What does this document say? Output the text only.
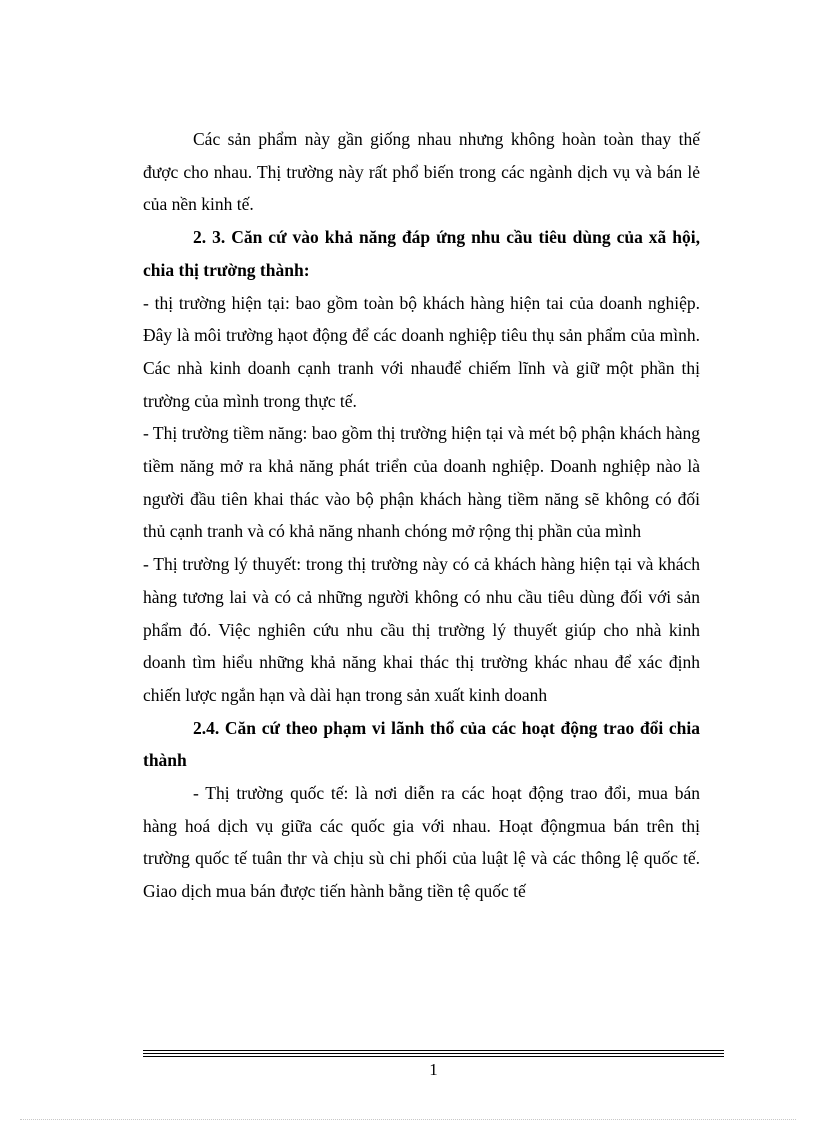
Các sản phẩm này gần giống nhau nhưng không hoàn toàn thay thế được cho nhau. Thị trường này rất phổ biến trong các ngành dịch vụ và bán lẻ của nền kinh tế.

2. 3. Căn cứ vào khả năng đáp ứng nhu cầu tiêu dùng của xã hội, chia thị trường thành:

- thị trường hiện tại: bao gồm toàn bộ khách hàng hiện tai của doanh nghiệp. Đây là môi trường hạot động để các doanh nghiệp tiêu thụ sản phẩm của mình. Các nhà kinh doanh cạnh tranh với nhauđể chiếm lĩnh và giữ một phần thị trường của mình trong thực tế.

- Thị trường tiềm năng: bao gồm thị trường hiện tại và mét bộ phận khách hàng tiềm năng mở ra khả năng phát triển của doanh nghiệp. Doanh nghiệp nào là người đầu tiên khai thác vào bộ phận khách hàng tiềm năng sẽ không có đối thủ cạnh tranh và có khả năng nhanh chóng mở rộng thị phần của mình

- Thị trường lý thuyết: trong thị trường này có cả khách hàng hiện tại và khách hàng tương lai và có cả những người không có nhu cầu tiêu dùng đối với sản phẩm đó. Việc nghiên cứu nhu cầu thị trường lý thuyết giúp cho nhà kinh doanh tìm hiểu những khả năng khai thác thị trường khác nhau để xác định chiến lược ngắn hạn và dài hạn trong sản xuất kinh doanh

2.4. Căn cứ theo phạm vi lãnh thổ của các hoạt động trao đổi chia thành

- Thị trường quốc tế: là nơi diễn ra các hoạt động trao đổi, mua bán hàng hoá dịch vụ giữa các quốc gia với nhau. Hoạt độngmua bán trên thị trường quốc tế tuân thr và chịu sù chi phối của luật lệ và các thông lệ quốc tế. Giao dịch mua bán được tiến hành bằng tiền tệ quốc tế

1
